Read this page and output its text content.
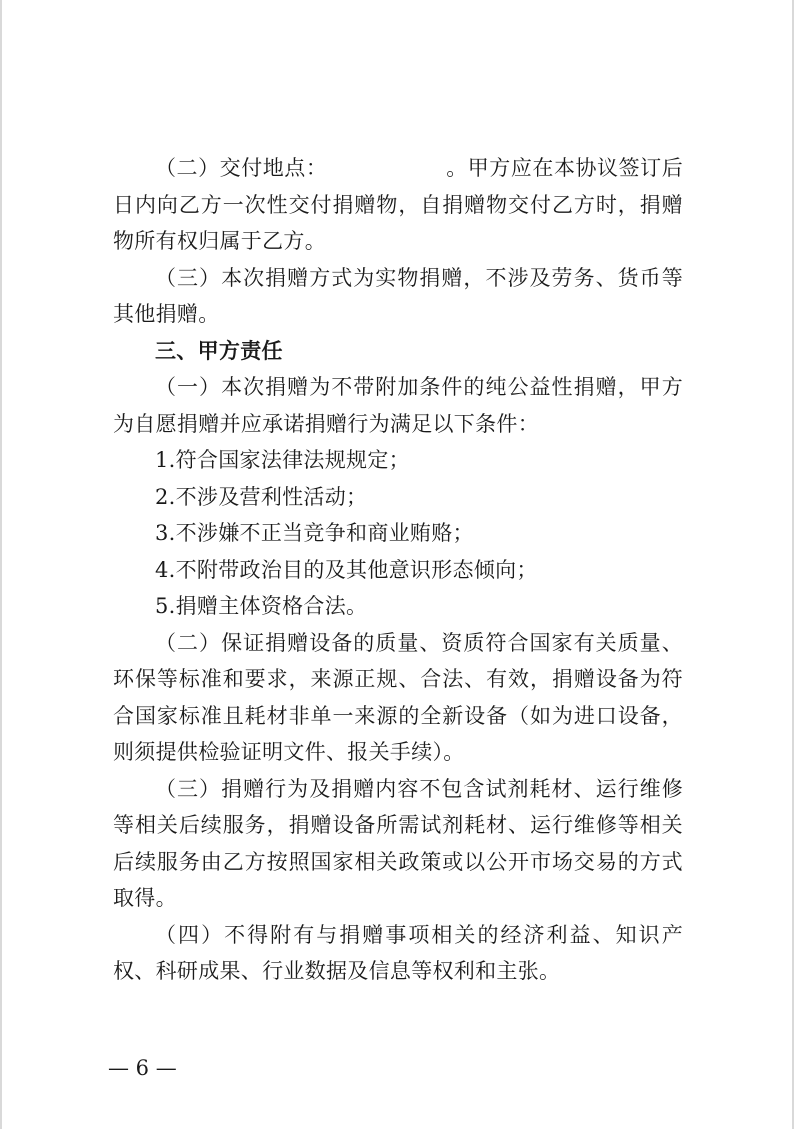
（二）交付地点：　　　　　　。甲方应在本协议签订后日内向乙方一次性交付捐赠物，自捐赠物交付乙方时，捐赠物所有权归属于乙方。

（三）本次捐赠方式为实物捐赠，不涉及劳务、货币等其他捐赠。

三、甲方责任

（一）本次捐赠为不带附加条件的纯公益性捐赠，甲方为自愿捐赠并应承诺捐赠行为满足以下条件：

1.符合国家法律法规规定；

2.不涉及营利性活动；

3.不涉嫌不正当竞争和商业贿赂；

4.不附带政治目的及其他意识形态倾向；

5.捐赠主体资格合法。

（二）保证捐赠设备的质量、资质符合国家有关质量、环保等标准和要求，来源正规、合法、有效，捐赠设备为符合国家标准且耗材非单一来源的全新设备（如为进口设备，则须提供检验证明文件、报关手续）。

（三）捐赠行为及捐赠内容不包含试剂耗材、运行维修等相关后续服务，捐赠设备所需试剂耗材、运行维修等相关后续服务由乙方按照国家相关政策或以公开市场交易的方式取得。

（四）不得附有与捐赠事项相关的经济利益、知识产权、科研成果、行业数据及信息等权利和主张。

— 6 —
